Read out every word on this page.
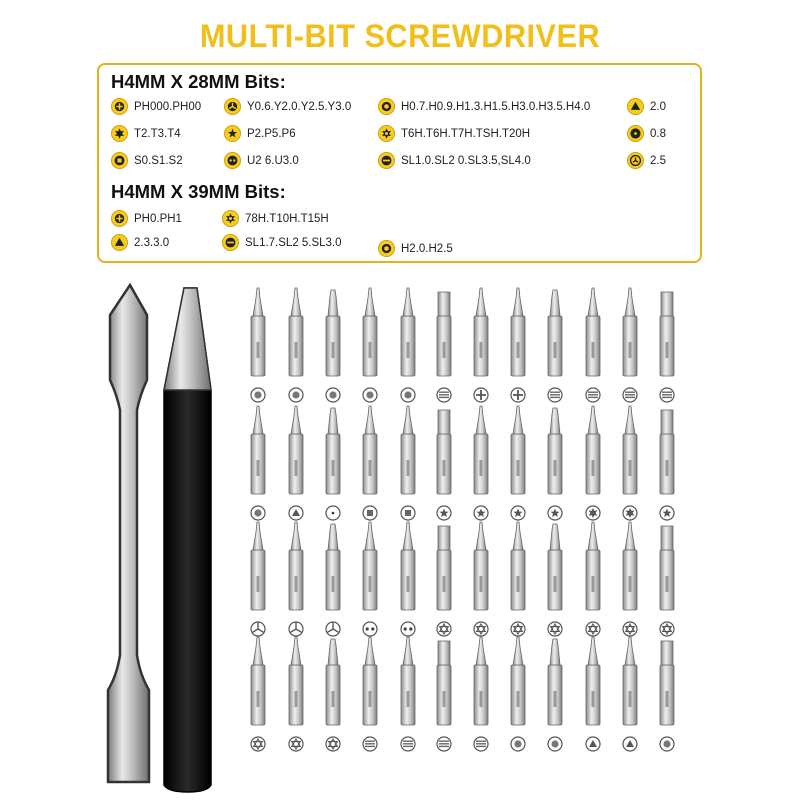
MULTI-BIT SCREWDRIVER
H4MM X 28MM Bits:
PH000.PH00	Y0.6.Y2.0.Y2.5.Y3.0	H0.7.H0.9.H1.3.H1.5.H3.0.H3.5.H4.0	2.0
T2.T3.T4	P2.P5.P6	T6H.T6H.T7H.TSH.T20H	0.8
S0.S1.S2	U2 6.U3.0	SL1.0.SL2 0.SL3.5,SL4.0	2.5
H4MM X 39MM Bits:
PH0.PH1	78H.T10H.T15H
2.3.3.0	SL1.7.SL2 5.SL3.0	H2.0.H2.5
